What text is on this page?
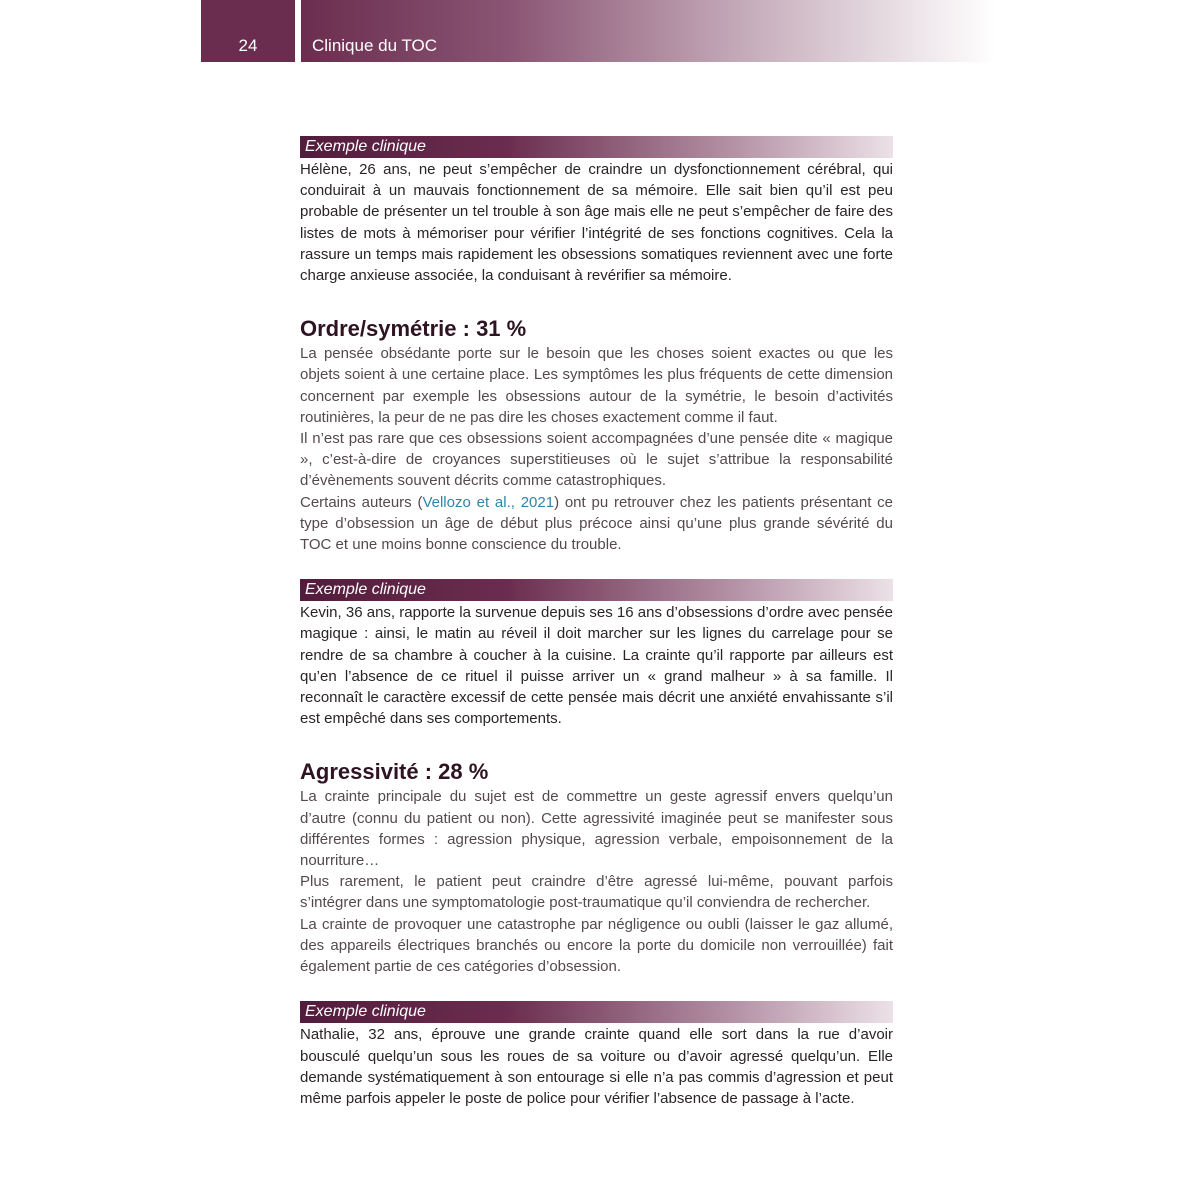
24	Clinique du TOC
Exemple clinique

Hélène, 26 ans, ne peut s’empêcher de craindre un dysfonctionnement cérébral, qui conduirait à un mauvais fonctionnement de sa mémoire. Elle sait bien qu’il est peu probable de présenter un tel trouble à son âge mais elle ne peut s’empêcher de faire des listes de mots à mémoriser pour vérifier l’intégrité de ses fonctions cognitives. Cela la rassure un temps mais rapidement les obsessions somatiques reviennent avec une forte charge anxieuse associée, la conduisant à revérifier sa mémoire.

Ordre/symétrie : 31 %

La pensée obsédante porte sur le besoin que les choses soient exactes ou que les objets soient à une certaine place. Les symptômes les plus fréquents de cette dimension concernent par exemple les obsessions autour de la symétrie, le besoin d’activités routinières, la peur de ne pas dire les choses exactement comme il faut.

Il n’est pas rare que ces obsessions soient accompagnées d’une pensée dite « magique », c’est-à-dire de croyances superstitieuses où le sujet s’attribue la responsabilité d’évènements souvent décrits comme catastrophiques.

Certains auteurs (Vellozo et al., 2021) ont pu retrouver chez les patients présentant ce type d’obsession un âge de début plus précoce ainsi qu’une plus grande sévérité du TOC et une moins bonne conscience du trouble.

Exemple clinique

Kevin, 36 ans, rapporte la survenue depuis ses 16 ans d’obsessions d’ordre avec pensée magique : ainsi, le matin au réveil il doit marcher sur les lignes du carrelage pour se rendre de sa chambre à coucher à la cuisine. La crainte qu’il rapporte par ailleurs est qu’en l’absence de ce rituel il puisse arriver un « grand malheur » à sa famille. Il reconnaît le caractère excessif de cette pensée mais décrit une anxiété envahissante s’il est empêché dans ses comportements.

Agressivité : 28 %

La crainte principale du sujet est de commettre un geste agressif envers quelqu’un d’autre (connu du patient ou non). Cette agressivité imaginée peut se manifester sous différentes formes : agression physique, agression verbale, empoisonnement de la nourriture…

Plus rarement, le patient peut craindre d’être agressé lui-même, pouvant parfois s’intégrer dans une symptomatologie post-traumatique qu’il conviendra de rechercher.

La crainte de provoquer une catastrophe par négligence ou oubli (laisser le gaz allumé, des appareils électriques branchés ou encore la porte du domicile non verrouillée) fait également partie de ces catégories d’obsession.

Exemple clinique

Nathalie, 32 ans, éprouve une grande crainte quand elle sort dans la rue d’avoir bousculé quelqu’un sous les roues de sa voiture ou d’avoir agressé quelqu’un. Elle demande systématiquement à son entourage si elle n’a pas commis d’agression et peut même parfois appeler le poste de police pour vérifier l’absence de passage à l’acte.
